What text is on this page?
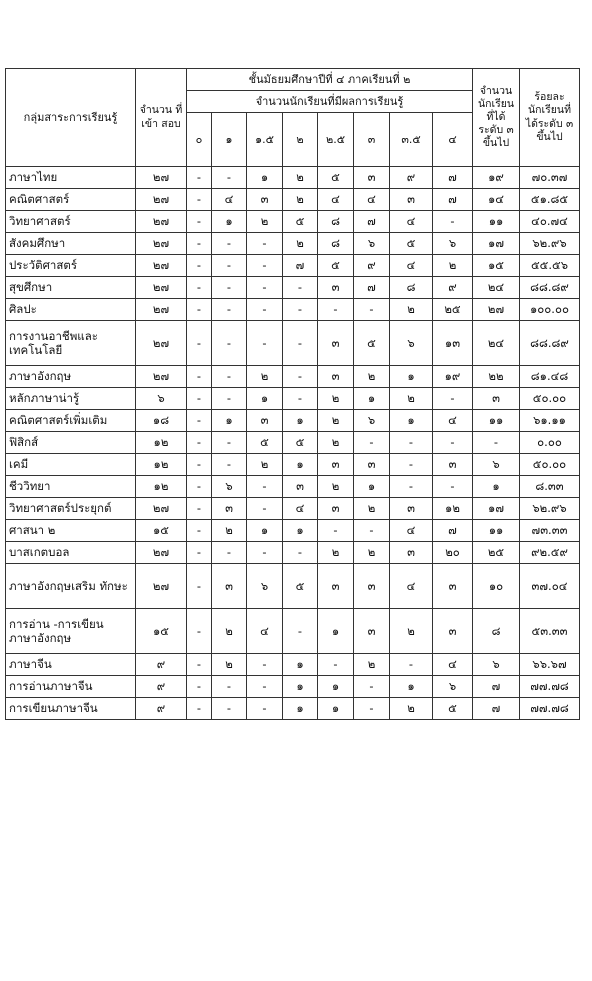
กลุ่มสาระการเรียนรู้	จำนวน ที่เข้า สอบ	ชั้นมัธยมศึกษาปีที่ ๔ ภาคเรียนที่ ๒								จำนวน นักเรียน ที่ได้ ระดับ ๓ ขึ้นไป	ร้อยละ นักเรียนที่ ได้ระดับ ๓ ขึ้นไป
		จำนวนนักเรียนที่มีผลการเรียนรู้									
		๐	๑	๑.๕	๒	๒.๕	๓	๓.๕	๔		
ภาษาไทย	๒๗	-	-	๑	๒	๕	๓	๙	๗	๑๙	๗๐.๓๗
คณิตศาสตร์	๒๗	-	๔	๓	๒	๔	๔	๓	๗	๑๔	๕๑.๘๕
วิทยาศาสตร์	๒๗	-	๑	๒	๕	๘	๗	๔	-	๑๑	๔๐.๗๔
สังคมศึกษา	๒๗	-	-	-	๒	๘	๖	๕	๖	๑๗	๖๒.๙๖
ประวัติศาสตร์	๒๗	-	-	-	๗	๕	๙	๔	๒	๑๕	๕๕.๕๖
สุขศึกษา	๒๗	-	-	-	-	๓	๗	๘	๙	๒๔	๘๘.๘๙
ศิลปะ	๒๗	-	-	-	-	-	-	๒	๒๕	๒๗	๑๐๐.๐๐
การงานอาชีพและ เทคโนโลยี	๒๗	-	-	-	-	๓	๕	๖	๑๓	๒๔	๘๘.๘๙
ภาษาอังกฤษ	๒๗	-	-	๒	-	๓	๒	๑	๑๙	๒๒	๘๑.๔๘
หลักภาษาน่ารู้	๖	-	-	๑	-	๒	๑	๒	-	๓	๕๐.๐๐
คณิตศาสตร์เพิ่มเติม	๑๘	-	๑	๓	๑	๒	๖	๑	๔	๑๑	๖๑.๑๑
ฟิสิกส์	๑๒	-	-	๕	๕	๒	-	-	-	-	๐.๐๐
เคมี	๑๒	-	-	๒	๑	๓	๓	-	๓	๖	๕๐.๐๐
ชีววิทยา	๑๒	-	๖	-	๓	๒	๑	-	-	๑	๘.๓๓
วิทยาศาสตร์ประยุกต์	๒๗	-	๓	-	๔	๓	๒	๓	๑๒	๑๗	๖๒.๙๖
ศาสนา ๒	๑๕	-	๒	๑	๑	-	-	๔	๗	๑๑	๗๓.๓๓
บาสเกตบอล	๒๗	-	-	-	-	๒	๒	๓	๒๐	๒๕	๙๒.๕๙
ภาษาอังกฤษเสริม ทักษะ	๒๗	-	๓	๖	๕	๓	๓	๔	๓	๑๐	๓๗.๐๔
การอ่าน -การเขียน ภาษาอังกฤษ	๑๕	-	๒	๔	-	๑	๓	๒	๓	๘	๕๓.๓๓
ภาษาจีน	๙	-	๒	-	๑	-	๒	-	๔	๖	๖๖.๖๗
การอ่านภาษาจีน	๙	-	-	-	๑	๑	-	๑	๖	๗	๗๗.๗๘
การเขียนภาษาจีน	๙	-	-	-	๑	๑	-	๒	๕	๗	๗๗.๗๘
